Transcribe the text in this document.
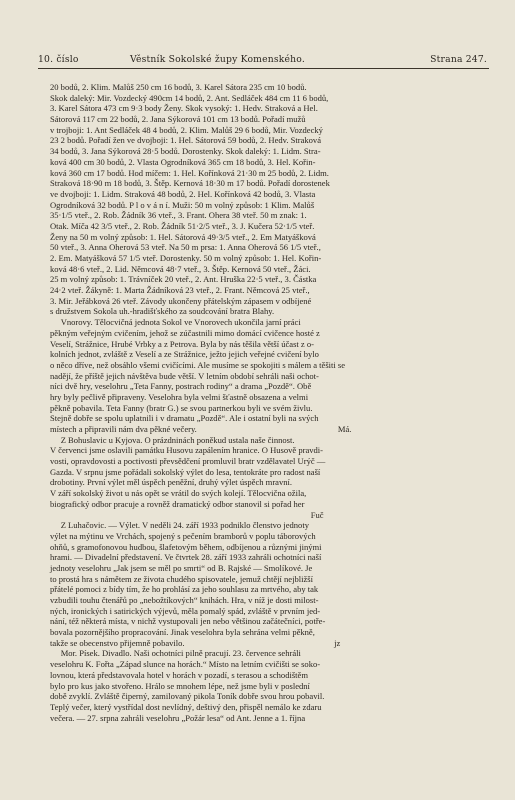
10. číslo	Věstník Sokolské župy Komenského.	Strana 247.
20 bodů, 2. Klim. Malůš 250 cm 16 bodů, 3. Karel Sátora 235 cm 10 bodů.
Skok daleký: Mir. Vozdecký 490cm 14 bodů, 2. Ant. Sedláček 484 cm 11 6 bodů,
3. Karel Sátora 473 cm 9·3 body Ženy. Skok vysoký: 1. Hedv. Straková a Hel.
Sátorová 117 cm 22 bodů, 2. Jana Sýkorová 101 cm 13 bodů. Pořadí mužů
v trojboji: 1. Ant Sedláček 48 4 bodů, 2. Klim. Malůš 29 6 bodů, Mir. Vozdecký
23 2 bodů. Pořadí žen ve dvojboji: 1. Hel. Sátorová 59 bodů, 2. Hedv. Straková
34 bodů, 3. Jana Sýkorová 28·5 bodů. Dorostenky. Skok daleký: 1. Lidm. Stra-
ková 400 cm 30 bodů, 2. Vlasta Ogrodníková 365 cm 18 bodů, 3. Hel. Kořin-
ková 360 cm 17 bodů. Hod míčem: 1. Hel. Kořínková 21·30 m 25 bodů, 2. Lidm.
Straková 18·90 m 18 bodů, 3. Štěp. Kernová 18·30 m 17 bodů. Pořadí dorostenek
ve dvojboji: 1. Lidm. Straková 48 bodů, 2. Hel. Kořínková 42 bodů, 3. Vlasta
Ogrodníková 32 bodů. P l o v á n í. Muži: 50 m volný způsob: 1 Klim. Malůš
35·1/5 vteř., 2. Rob. Žádník 36 vteř., 3. Frant. Ohera 38 vteř. 50 m znak: 1.
Otak. Míča 42 3/5 vteř., 2. Rob. Žádník 51·2/5 vteř., 3. J. Kučera 52·1/5 vteř.
Ženy na 50 m volný způsob: 1. Hel. Sátorová 49·3/5 vteř., 2. Em Matyášková
50 vteř., 3. Anna Oherová 53 vteř. Na 50 m prsa: 1. Anna Oherová 56 1/5 vteř.,
2. Em. Matyášková 57 1/5 vteř. Dorostenky. 50 m volný způsob: 1. Hel. Kořin-
ková 48·6 vteř., 2. Lid. Němcová 48·7 vteř., 3. Štěp. Kernová 50 vteř., Žáci.
25 m volný způsob: 1. Trávníček 20 vteř., 2. Ant. Hruška 22·5 vteř., 3. Částka
24·2 vteř. Žákyně: 1. Marta Žádníková 23 vteř., 2. Frant. Němcová 25 vteř.,
3. Mir. Jeřábková 26 vteř. Závody ukončeny přátelským zápasem v odbíjené
s družstvem Sokola uh.-hradišťského za soudcování bratra Blahy.
Vnorovy. Tělocvičná jednota Sokol ve Vnorovech ukončila jarní práci
pěkným veřejným cvičením, jehož se zúčastnili mimo domácí cvičence hosté z
Veselí, Strážnice, Hrubé Vrbky a z Petrova. Byla by nás těšila větší účast z o-
kolních jednot, zvláště z Veselí a ze Strážnice, ježto jejich veřejné cvičení bylo
o něco dříve, než obsáhlo všemi cvičícími. Ale musíme se spokojiti s málem a těšiti se
nadějí, že příště jejich návštěva bude větší. V letním období sehráli naši ochot-
níci dvě hry, veselohru „Teta Fanny, postrach rodiny“ a drama „Pozdě“. Obě
hry byly pečlivě připraveny. Veselohra byla velmi šťastně obsazena a velmi
pěkně pobavila. Teta Fanny (bratr G.) se svou partnerkou byli ve svém živlu.
Stejně dobře se spolu uplatnili i v dramatu „Pozdě“. Ale i ostatní byli na svých
místech a připravili nám dva pěkné večery.                                                                  Má.
Z Bohuslavic u Kyjova. O prázdninách poněkud ustala naše činnost.
V červenci jsme oslavili památku Husovu zapálením hranice. O Husově pravdi-
vosti, opravdovosti a poctivosti převsědčení promluvil bratr vzdělavatel Urýč —
Gazda. V srpnu jsme pořádali sokolský výlet do lesa, tentokráte pro radost naší
drobotiny. První výlet měl úspěch peněžní, druhý výlet úspěch mravní.
V září sokolský život u nás opět se vrátil do svých kolejí. Tělocvična ožila,
biografický odbor pracuje a rovněž dramatický odbor stanovil si pořad her
Fuč
Z Luhačovic. — Výlet. V neděli 24. září 1933 podniklo členstvo jednoty
výlet na mýtinu ve Vrchách, spojený s pečením bramborů v poplu táborových
ohňů, s gramofonovou hudbou, šlafetovým během, odbíjenou a různými jinými
hrami. — Divadelní představení. Ve čtvrtek 28. září 1933 zahráli ochotníci naší
jednoty veselohru „Jak jsem se měl po smrti“ od B. Rajské — Smolíkové. Je
to prostá hra s námětem ze života chudého spisovatele, jemuž chtějí nejbližší
přátelé pomoci z bídy tím, že ho prohlásí za jeho souhlasu za mrtvého, aby tak
vzbudili touhu čtenářů po „nebožtíkových“ knihách. Hra, v níž je dosti milost-
ných, ironických i satirických výjevů, měla pomalý spád, zvláště v prvním jed-
nání, též některá místa, v nichž vystupovali jen nebo většinou začátečníci, potře-
bovala pozornějšího propracování. Jinak veselohra byla sehrána velmi pěkně,
takže se obecenstvo přijemně pobavilo.                                                                      jz
Mor. Písek. Divadlo. Naši ochotníci pilně pracují. 23. července sehráli
veselohru K. Fořta „Západ slunce na horách.“ Místo na letním cvičišti se soko-
lovnou, která představovala hotel v horách v pozadí, s terasou a schodištěm
bylo pro kus jako stvořeno. Hrálo se mnohem lépe, než jsme byli v poslední
době zvyklí. Zvláště čiperný, zamilovaný pikola Toník dobře svou hrou pobavil.
Teplý večer, který vystřídal dost nevlídný, deštivý den, přispěl nemálo ke zdaru
večera. — 27. srpna zahráli veselohru „Požár lesa“ od Ant. Jenne a 1. října
